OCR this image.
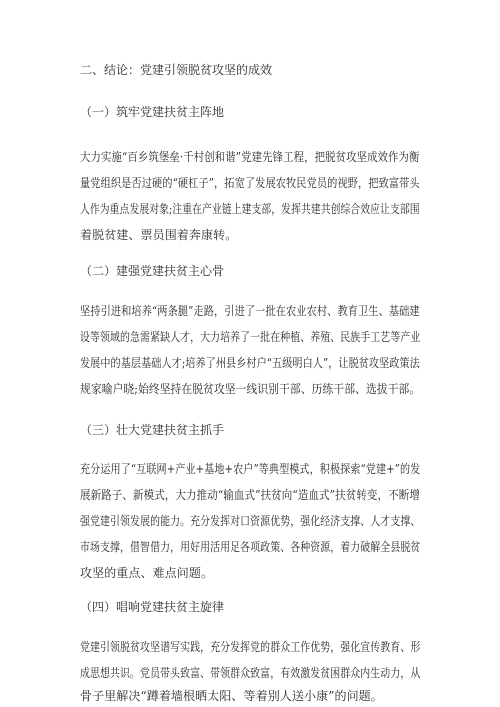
二、结论：党建引领脱贫攻坚的成效
（一）筑牢党建扶贫主阵地
大力实施“百乡筑堡垒·千村创和谐”党建先锋工程，把脱贫攻坚成效作为衡
量党组织是否过硬的“硬杠子”，拓宽了发展农牧民党员的视野，把致富带头
人作为重点发展对象;注重在产业链上建支部，发挥共建共创综合效应让支部围
着脱贫建、票员围着奔康转。
（二）建强党建扶贫主心骨
坚持引进和培养“两条腿”走路，引进了一批在农业农村、教育卫生、基础建
设等领域的急需紧缺人才，大力培养了一批在种植、养殖、民族手工艺等产业
发展中的基层基础人才;培养了州县乡村户“五级明白人”，让脱贫攻坚政策法
规家喻户晓;始终坚持在脱贫攻坚一线识别干部、历练干部、选拔干部。
（三）壮大党建扶贫主抓手
充分运用了“互联网+产业+基地+农户”等典型模式，积极探索“党建+”的发
展新路子、新模式，大力推动“输血式”扶贫向“造血式”扶贫转变，不断增
强党建引领发展的能力。充分发挥对口资源优势，强化经济支撑、人才支撑、
市场支撑，借智借力，用好用活用足各项政策、各种资源，着力破解全县脱贫
攻坚的重点、难点问题。
（四）唱响党建扶贫主旋律
党建引领脱贫攻坚谱写实践，充分发挥党的群众工作优势，强化宣传教育、形
成思想共识。党员带头致富、带领群众致富，有效激发贫困群众内生动力，从
骨子里解决“蹲着墙根晒太阳、等着别人送小康”的问题。
